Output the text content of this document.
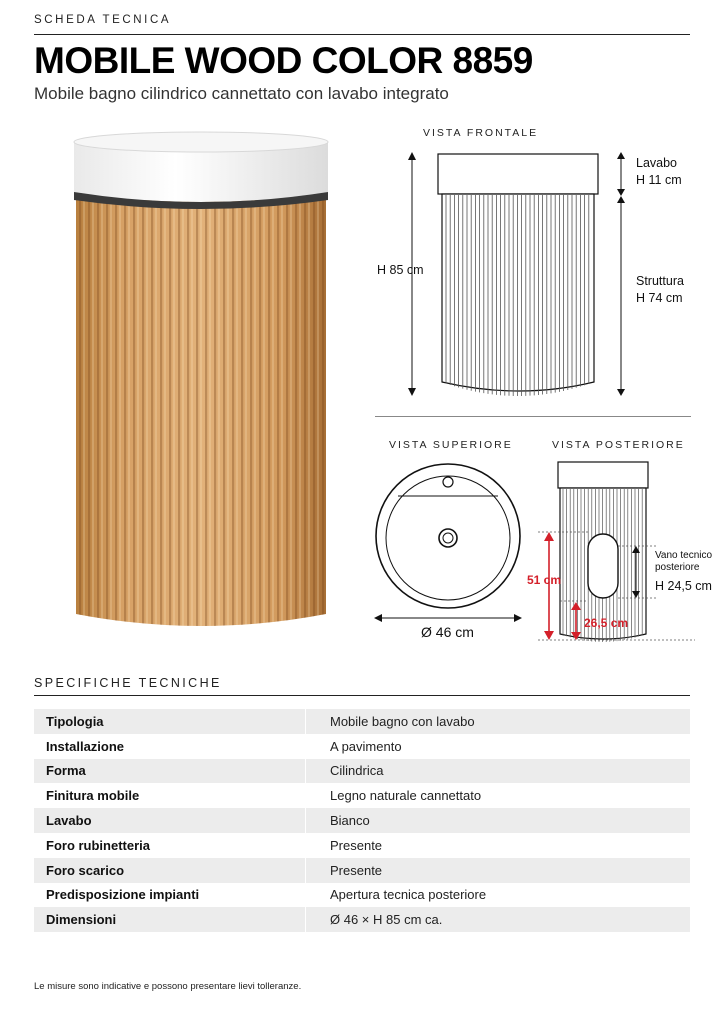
SCHEDA TECNICA
MOBILE WOOD COLOR 8859
Mobile bagno cilindrico cannettato con lavabo integrato
VISTA FRONTALE
H 85 cm
Lavabo
H 11 cm
Struttura
H 74 cm
VISTA SUPERIORE
Ø 46 cm
VISTA POSTERIORE
51 cm
26,5 cm
Vano tecnico
posteriore
H 24,5 cm
SPECIFICHE TECNICHE
Tipologia	Mobile bagno con lavabo
Installazione	A pavimento
Forma	Cilindrica
Finitura mobile	Legno naturale cannettato
Lavabo	Bianco
Foro rubinetteria	Presente
Foro scarico	Presente
Predisposizione impianti	Apertura tecnica posteriore
Dimensioni	Ø 46 × H 85 cm ca.
Le misure sono indicative e possono presentare lievi tolleranze.
